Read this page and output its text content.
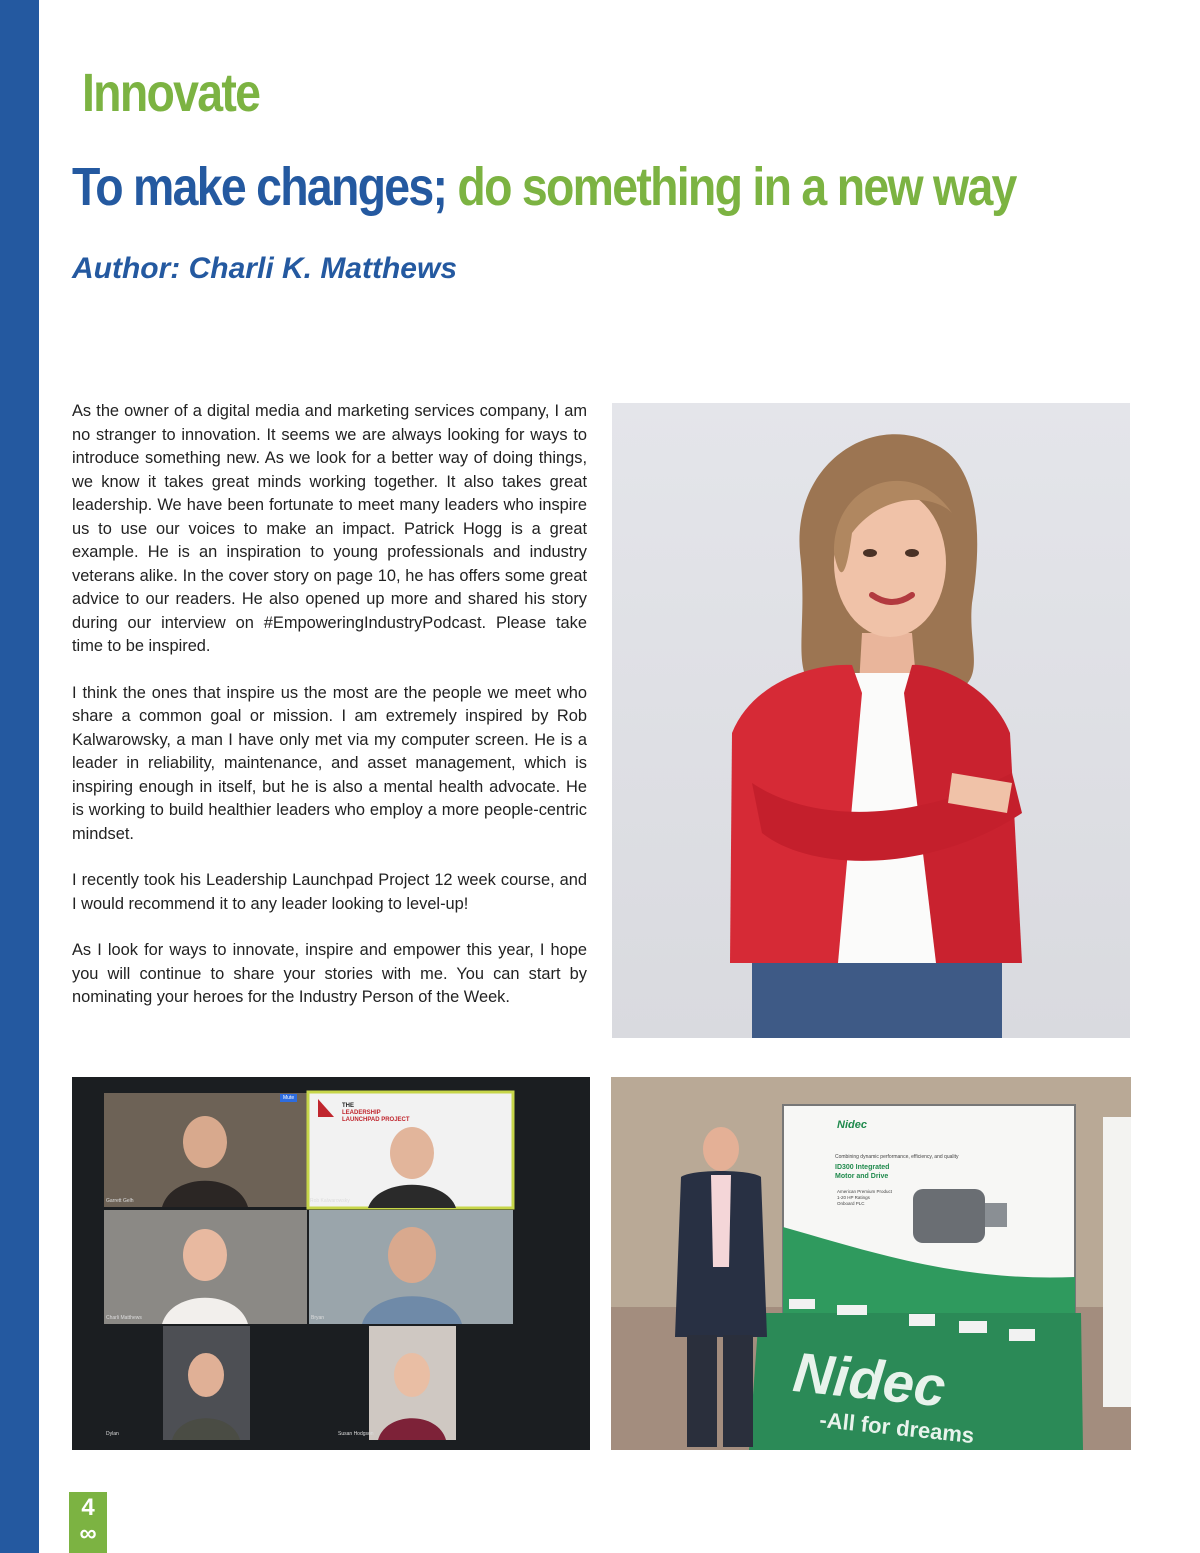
Innovate
To make changes; do something in a new way
Author: Charli K. Matthews

As the owner of a digital media and marketing services company, I am no stranger to innovation. It seems we are always looking for ways to introduce something new. As we look for a better way of doing things, we know it takes great minds working together. It also takes great leadership. We have been fortunate to meet many leaders who inspire us to use our voices to make an impact. Patrick Hogg is a great example. He is an inspiration to young professionals and industry veterans alike. In the cover story on page 10, he has offers some great advice to our readers. He also opened up more and shared his story during our interview on #EmpoweringIndustryPodcast. Please take time to be inspired.

I think the ones that inspire us the most are the people we meet who share a common goal or mission. I am extremely inspired by Rob Kalwarowsky, a man I have only met via my computer screen. He is a leader in reliability, maintenance, and asset management, which is inspiring enough in itself, but he is also a mental health advocate. He is working to build healthier leaders who employ a more people-centric mindset.

I recently took his Leadership Launchpad Project 12 week course, and I would recommend it to any leader looking to level-up!

As I look for ways to innovate, inspire and empower this year, I hope you will continue to share your stories with me. You can start by nominating your heroes for the Industry Person of the Week.

THE
LEADERSHIP
LAUNCHPAD PROJECT
Mute
Garrett Gelh	Rob Kalwarowsky
Charli Matthews	Bryan
Dylan	Susan Hodgson
Nidec
Combining dynamic performance, efficiency, and quality
ID300 Integrated Motor and Drive
American Premium Product
1-20 HP Ratings
Onboard PLC
Nidec
-All for dreams
4
∞
